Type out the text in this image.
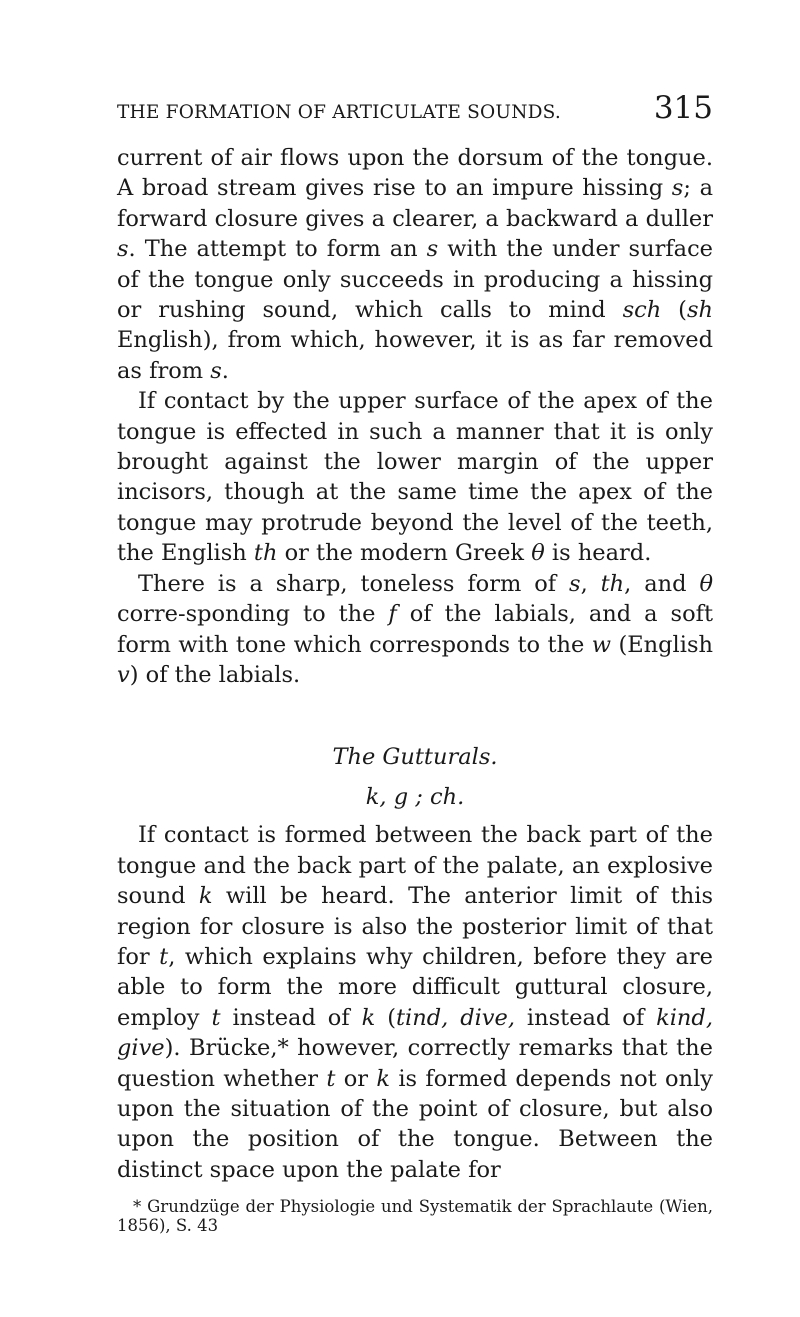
THE FORMATION OF ARTICULATE SOUNDS.	315

current of air flows upon the dorsum of the tongue. A broad stream gives rise to an impure hissing s; a forward closure gives a clearer, a backward a duller s. The attempt to form an s with the under surface of the tongue only succeeds in producing a hissing or rushing sound, which calls to mind sch (sh English), from which, however, it is as far removed as from s.

If contact by the upper surface of the apex of the tongue is effected in such a manner that it is only brought against the lower margin of the upper incisors, though at the same time the apex of the tongue may protrude beyond the level of the teeth, the English th or the modern Greek θ is heard.

There is a sharp, toneless form of s, th, and θ corre-sponding to the f of the labials, and a soft form with tone which corresponds to the w (English v) of the labials.

The Gutturals.
k, g ; ch.

If contact is formed between the back part of the tongue and the back part of the palate, an explosive sound k will be heard. The anterior limit of this region for closure is also the posterior limit of that for t, which explains why children, before they are able to form the more difficult guttural closure, employ t instead of k (tind, dive, instead of kind, give). Brücke,* however, correctly remarks that the question whether t or k is formed depends not only upon the situation of the point of closure, but also upon the position of the tongue. Between the distinct space upon the palate for

* Grundzüge der Physiologie und Systematik der Sprachlaute (Wien, 1856), S. 43
